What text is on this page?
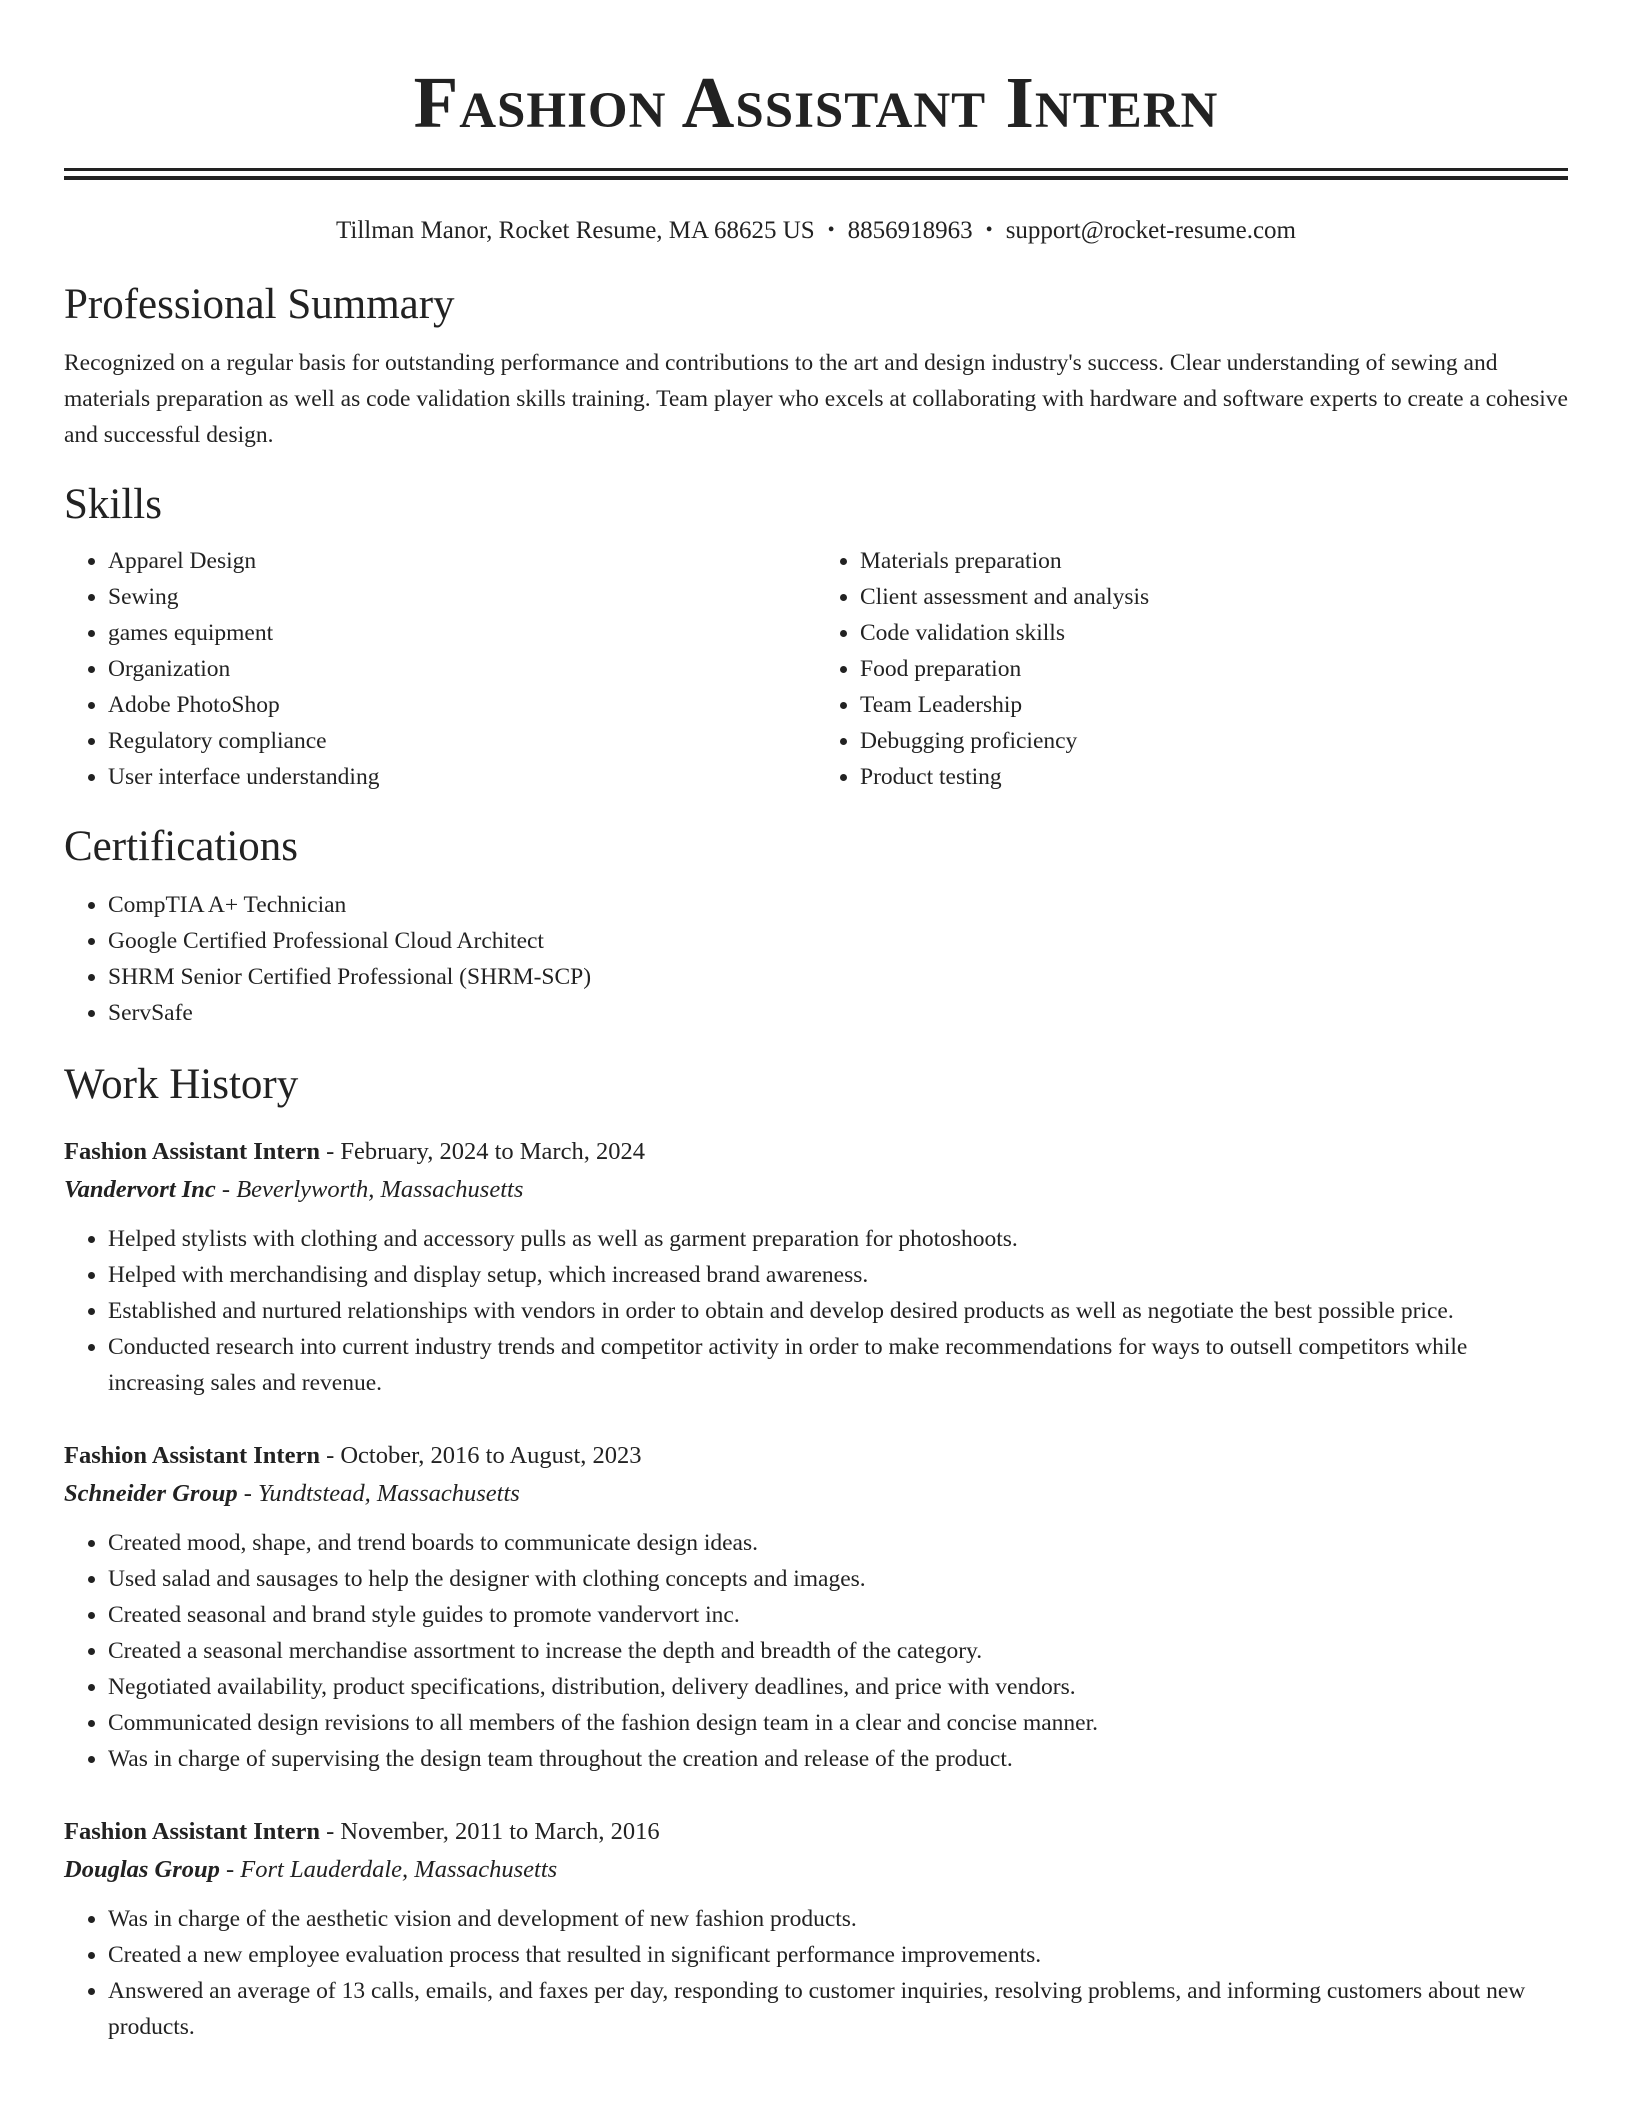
Fashion Assistant Intern
Tillman Manor, Rocket Resume, MA 68625 US • 8856918963 • support@rocket-resume.com
Professional Summary

Recognized on a regular basis for outstanding performance and contributions to the art and design industry's success. Clear understanding of sewing and materials preparation as well as code validation skills training. Team player who excels at collaborating with hardware and software experts to create a cohesive and successful design.

Skills
• Apparel Design
• Sewing
• games equipment
• Organization
• Adobe PhotoShop
• Regulatory compliance
• User interface understanding
• Materials preparation
• Client assessment and analysis
• Code validation skills
• Food preparation
• Team Leadership
• Debugging proficiency
• Product testing
Certifications
• CompTIA A+ Technician
• Google Certified Professional Cloud Architect
• SHRM Senior Certified Professional (SHRM-SCP)
• ServSafe
Work History
Fashion Assistant Intern - February, 2024 to March, 2024
Vandervort Inc - Beverlyworth, Massachusetts
• Helped stylists with clothing and accessory pulls as well as garment preparation for photoshoots.
• Helped with merchandising and display setup, which increased brand awareness.
• Established and nurtured relationships with vendors in order to obtain and develop desired products as well as negotiate the best possible price.
• Conducted research into current industry trends and competitor activity in order to make recommendations for ways to outsell competitors while increasing sales and revenue.
Fashion Assistant Intern - October, 2016 to August, 2023
Schneider Group - Yundtstead, Massachusetts
• Created mood, shape, and trend boards to communicate design ideas.
• Used salad and sausages to help the designer with clothing concepts and images.
• Created seasonal and brand style guides to promote vandervort inc.
• Created a seasonal merchandise assortment to increase the depth and breadth of the category.
• Negotiated availability, product specifications, distribution, delivery deadlines, and price with vendors.
• Communicated design revisions to all members of the fashion design team in a clear and concise manner.
• Was in charge of supervising the design team throughout the creation and release of the product.
Fashion Assistant Intern - November, 2011 to March, 2016
Douglas Group - Fort Lauderdale, Massachusetts
• Was in charge of the aesthetic vision and development of new fashion products.
• Created a new employee evaluation process that resulted in significant performance improvements.
• Answered an average of 13 calls, emails, and faxes per day, responding to customer inquiries, resolving problems, and informing customers about new products.
